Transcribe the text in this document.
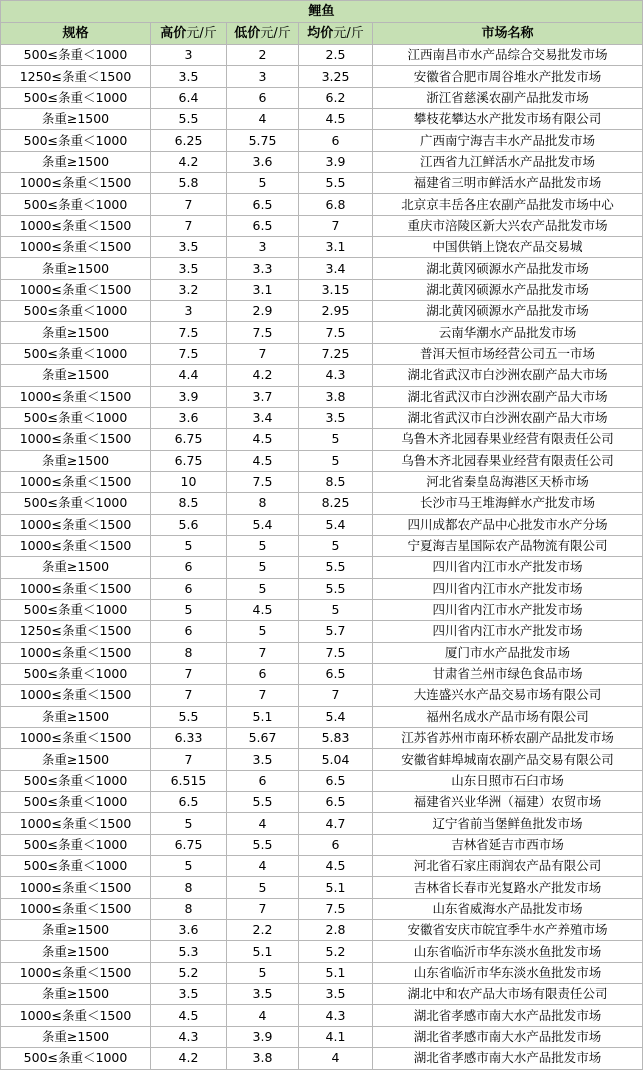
鲤鱼				
规格	高价元/斤	低价元/斤	均价元/斤	市场名称
500≤条重＜1000	3	2	2.5	江西南昌市水产品综合交易批发市场
1250≤条重＜1500	3.5	3	3.25	安徽省合肥市周谷堆水产批发市场
500≤条重＜1000	6.4	6	6.2	浙江省慈溪农副产品批发市场
条重≥1500	5.5	4	4.5	攀枝花攀达水产批发市场有限公司
500≤条重＜1000	6.25	5.75	6	广西南宁海吉丰水产品批发市场
条重≥1500	4.2	3.6	3.9	江西省九江鲜活水产品批发市场
1000≤条重＜1500	5.8	5	5.5	福建省三明市鲜活水产品批发市场
500≤条重＜1000	7	6.5	6.8	北京京丰岳各庄农副产品批发市场中心
1000≤条重＜1500	7	6.5	7	重庆市涪陵区新大兴农产品批发市场
1000≤条重＜1500	3.5	3	3.1	中国供销上饶农产品交易城
条重≥1500	3.5	3.3	3.4	湖北黄冈硕源水产品批发市场
1000≤条重＜1500	3.2	3.1	3.15	湖北黄冈硕源水产品批发市场
500≤条重＜1000	3	2.9	2.95	湖北黄冈硕源水产品批发市场
条重≥1500	7.5	7.5	7.5	云南华潮水产品批发市场
500≤条重＜1000	7.5	7	7.25	普洱天恒市场经营公司五一市场
条重≥1500	4.4	4.2	4.3	湖北省武汉市白沙洲农副产品大市场
1000≤条重＜1500	3.9	3.7	3.8	湖北省武汉市白沙洲农副产品大市场
500≤条重＜1000	3.6	3.4	3.5	湖北省武汉市白沙洲农副产品大市场
1000≤条重＜1500	6.75	4.5	5	乌鲁木齐北园春果业经营有限责任公司
条重≥1500	6.75	4.5	5	乌鲁木齐北园春果业经营有限责任公司
1000≤条重＜1500	10	7.5	8.5	河北省秦皇岛海港区天桥市场
500≤条重＜1000	8.5	8	8.25	长沙市马王堆海鲜水产批发市场
1000≤条重＜1500	5.6	5.4	5.4	四川成都农产品中心批发市水产分场
1000≤条重＜1500	5	5	5	宁夏海吉星国际农产品物流有限公司
条重≥1500	6	5	5.5	四川省内江市水产批发市场
1000≤条重＜1500	6	5	5.5	四川省内江市水产批发市场
500≤条重＜1000	5	4.5	5	四川省内江市水产批发市场
1250≤条重＜1500	6	5	5.7	四川省内江市水产批发市场
1000≤条重＜1500	8	7	7.5	厦门市水产品批发市场
500≤条重＜1000	7	6	6.5	甘肃省兰州市绿色食品市场
1000≤条重＜1500	7	7	7	大连盛兴水产品交易市场有限公司
条重≥1500	5.5	5.1	5.4	福州名成水产品市场有限公司
1000≤条重＜1500	6.33	5.67	5.83	江苏省苏州市南环桥农副产品批发市场
条重≥1500	7	3.5	5.04	安徽省蚌埠城南农副产品交易有限公司
500≤条重＜1000	6.515	6	6.5	山东日照市石臼市场
500≤条重＜1000	6.5	5.5	6.5	福建省兴业华洲（福建）农贸市场
1000≤条重＜1500	5	4	4.7	辽宁省前当堡鲜鱼批发市场
500≤条重＜1000	6.75	5.5	6	吉林省延吉市西市场
500≤条重＜1000	5	4	4.5	河北省石家庄雨润农产品有限公司
1000≤条重＜1500	8	5	5.1	吉林省长春市光复路水产批发市场
1000≤条重＜1500	8	7	7.5	山东省威海水产品批发市场
条重≥1500	3.6	2.2	2.8	安徽省安庆市皖宜季牛水产养殖市场
条重≥1500	5.3	5.1	5.2	山东省临沂市华东淡水鱼批发市场
1000≤条重＜1500	5.2	5	5.1	山东省临沂市华东淡水鱼批发市场
条重≥1500	3.5	3.5	3.5	湖北中和农产品大市场有限责任公司
1000≤条重＜1500	4.5	4	4.3	湖北省孝感市南大水产品批发市场
条重≥1500	4.3	3.9	4.1	湖北省孝感市南大水产品批发市场
500≤条重＜1000	4.2	3.8	4	湖北省孝感市南大水产品批发市场
